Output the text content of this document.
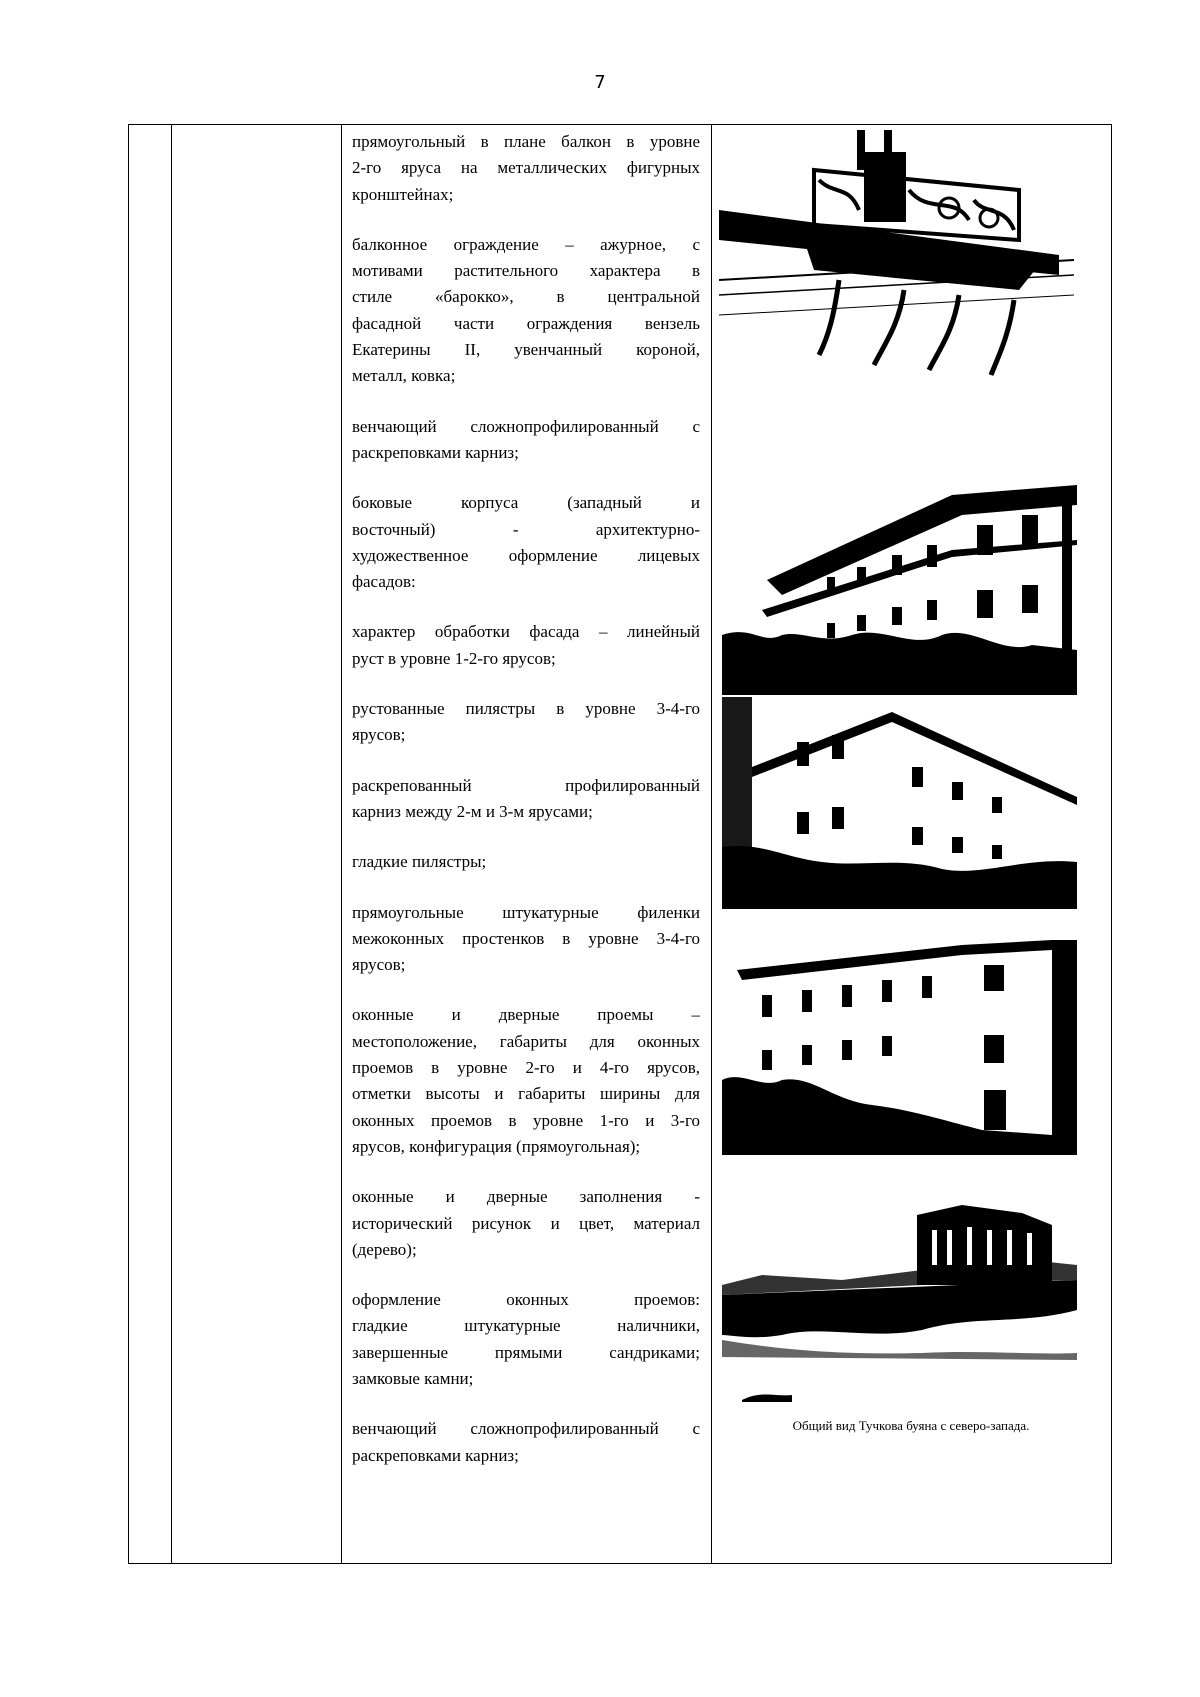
7

прямоугольный в плане балкон в уровне
2-го яруса на металлических фигурных
кронштейнах;
балконное ограждение – ажурное, с
мотивами растительного характера в
стиле «барокко», в центральной
фасадной части ограждения вензель
Екатерины II, увенчанный короной,
металл, ковка;
венчающий сложнопрофилированный с
раскреповками карниз;
боковые корпуса (западный и
восточный) - архитектурно-
художественное оформление лицевых
фасадов:
характер обработки фасада – линейный
руст в уровне 1-2-го ярусов;
рустованные пилястры в уровне 3-4-го
ярусов;
раскрепованный профилированный
карниз между 2-м и 3-м ярусами;
гладкие пилястры;
прямоугольные штукатурные филенки
межоконных простенков в уровне 3-4-го
ярусов;
оконные и дверные проемы –
местоположение, габариты для оконных
проемов в уровне 2-го и 4-го ярусов,
отметки высоты и габариты ширины для
оконных проемов в уровне 1-го и 3-го
ярусов, конфигурация (прямоугольная);
оконные и дверные заполнения -
исторический рисунок и цвет, материал
(дерево);
оформление оконных проемов:
гладкие штукатурные наличники,
завершенные прямыми сандриками;
замковые камни;
венчающий сложнопрофилированный с
раскреповками карниз;

Общий вид Тучкова буяна с северо-запада.
